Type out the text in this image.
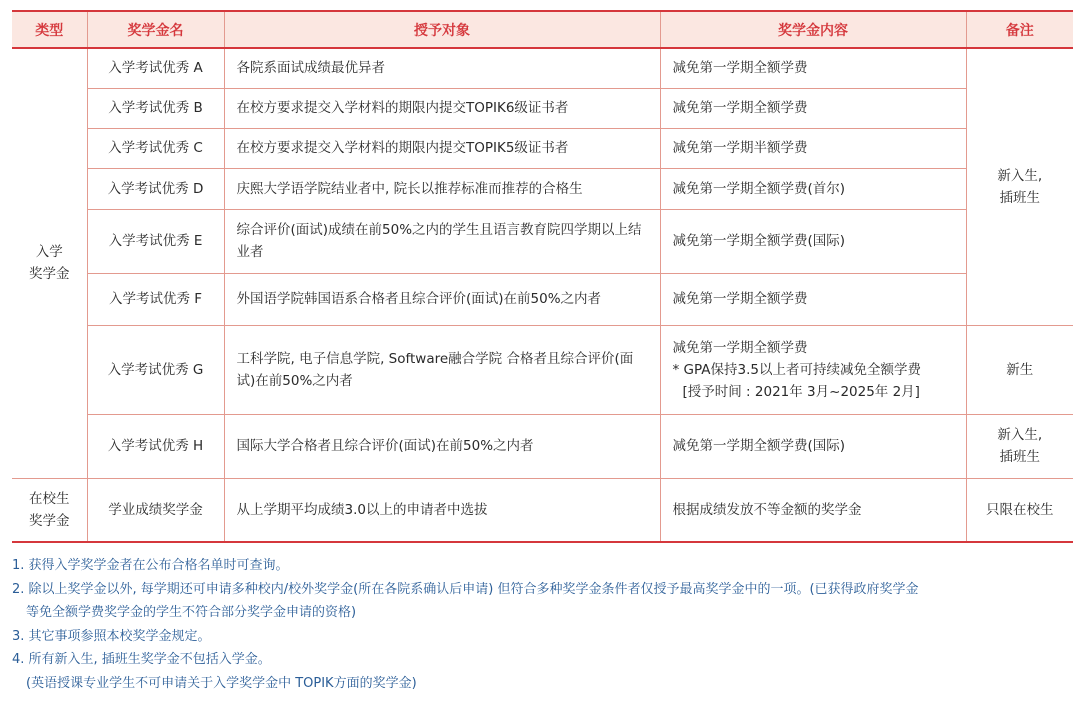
类型	奖学金名	授予对象	奖学金内容	备注
入学
奖学金	入学考试优秀 A	各院系面试成绩最优异者	减免第一学期全额学费	新入生,
插班生
	入学考试优秀 B	在校方要求提交入学材料的期限内提交TOPIK6级证书者	减免第一学期全额学费	
	入学考试优秀 C	在校方要求提交入学材料的期限内提交TOPIK5级证书者	减免第一学期半额学费	
	入学考试优秀 D	庆熙大学语学院结业者中, 院长以推荐标准而推荐的合格生	减免第一学期全额学费(首尔)	
	入学考试优秀 E	综合评价(面试)成绩在前50%之内的学生且语言教育院四学期以上结业者	减免第一学期全额学费(国际)	
	入学考试优秀 F	外国语学院韩国语系合格者且综合评价(面试)在前50%之内者	减免第一学期全额学费	
	入学考试优秀 G	工科学院, 电子信息学院, Software融合学院 合格者且综合评价(面试)在前50%之内者	减免第一学期全额学费
* GPA保持3.5以上者可持续减免全额学费
[授予时间 : 2021年 3月~2025年 2月]	新生
	入学考试优秀 H	国际大学合格者且综合评价(面试)在前50%之内者	减免第一学期全额学费(国际)	新入生,
插班生
在校生
奖学金	学业成绩奖学金	从上学期平均成绩3.0以上的申请者中选拔	根据成绩发放不等金额的奖学金	只限在校生
1. 获得入学奖学金者在公布合格名单时可查询。
2. 除以上奖学金以外, 每学期还可申请多种校内/校外奖学金(所在各院系确认后申请) 但符合多种奖学金条件者仅授予最高奖学金中的一项。(已获得政府奖学金
等免全额学费奖学金的学生不符合部分奖学金申请的资格)
3. 其它事项参照本校奖学金规定。
4. 所有新入生, 插班生奖学金不包括入学金。
(英语授课专业学生不可申请关于入学奖学金中 TOPIK方面的奖学金)
